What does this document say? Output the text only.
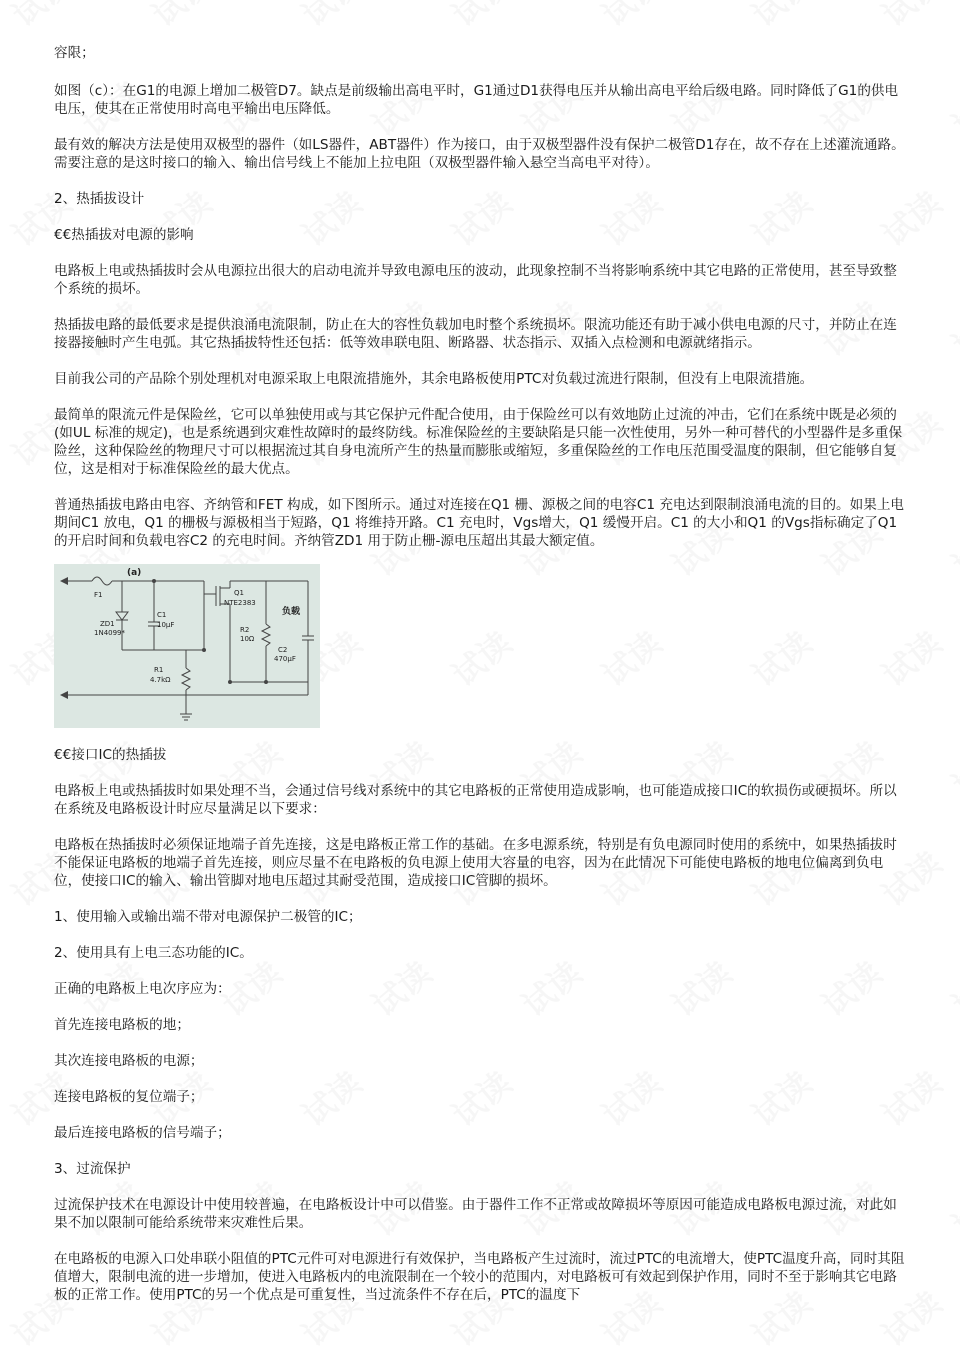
容限；

如图（c）：在G1的电源上增加二极管D7。缺点是前级输出高电平时，G1通过D1获得电压并从输出高电平给后级电路。同时降低了G1的供电电压，使其在正常使用时高电平输出电压降低。

最有效的解决方法是使用双极型的器件（如LS器件，ABT器件）作为接口，由于双极型器件没有保护二极管D1存在，故不存在上述灌流通路。需要注意的是这时接口的输入、输出信号线上不能加上拉电阻（双极型器件输入悬空当高电平对待）。

2、热插拔设计

€€热插拔对电源的影响

电路板上电或热插拔时会从电源拉出很大的启动电流并导致电源电压的波动，此现象控制不当将影响系统中其它电路的正常使用，甚至导致整个系统的损坏。

热插拔电路的最低要求是提供浪涌电流限制，防止在大的容性负载加电时整个系统损坏。限流功能还有助于减小供电电源的尺寸，并防止在连接器接触时产生电弧。其它热插拔特性还包括：低等效串联电阻、断路器、状态指示、双插入点检测和电源就绪指示。

目前我公司的产品除个别处理机对电源采取上电限流措施外，其余电路板使用PTC对负载过流进行限制，但没有上电限流措施。

最简单的限流元件是保险丝，它可以单独使用或与其它保护元件配合使用，由于保险丝可以有效地防止过流的冲击，它们在系统中既是必须的(如UL 标准的规定)，也是系统遇到灾难性故障时的最终防线。标准保险丝的主要缺陷是只能一次性使用，另外一种可替代的小型器件是多重保险丝，这种保险丝的物理尺寸可以根据流过其自身电流所产生的热量而膨胀或缩短，多重保险丝的工作电压范围受温度的限制，但它能够自复位，这是相对于标准保险丝的最大优点。

普通热插拔电路由电容、齐纳管和FET 构成，如下图所示。通过对连接在Q1 栅、源极之间的电容C1 充电达到限制浪涌电流的目的。如果上电期间C1 放电，Q1 的栅极与源极相当于短路，Q1 将维持开路。C1 充电时，Vgs增大，Q1 缓慢开启。C1 的大小和Q1 的Vgs指标确定了Q1 的开启时间和负载电容C2 的充电时间。齐纳管ZD1 用于防止栅-源电压超出其最大额定值。

(a)
F1
ZD1
1N4099*
C1
10μF
Q1
NTE2383
负载
R2
10Ω
C2
470μF
R1
4.7kΩ

€€接口IC的热插拔

电路板上电或热插拔时如果处理不当，会通过信号线对系统中的其它电路板的正常使用造成影响，也可能造成接口IC的软损伤或硬损坏。所以在系统及电路板设计时应尽量满足以下要求：

电路板在热插拔时必须保证地端子首先连接，这是电路板正常工作的基础。在多电源系统，特别是有负电源同时使用的系统中，如果热插拔时不能保证电路板的地端子首先连接，则应尽量不在电路板的负电源上使用大容量的电容，因为在此情况下可能使电路板的地电位偏离到负电位，使接口IC的输入、输出管脚对地电压超过其耐受范围，造成接口IC管脚的损坏。

1、使用输入或输出端不带对电源保护二极管的IC；

2、使用具有上电三态功能的IC。

正确的电路板上电次序应为：

首先连接电路板的地；

其次连接电路板的电源；

连接电路板的复位端子；

最后连接电路板的信号端子；

3、过流保护

过流保护技术在电源设计中使用较普遍，在电路板设计中可以借鉴。由于器件工作不正常或故障损坏等原因可能造成电路板电源过流，对此如果不加以限制可能给系统带来灾难性后果。

在电路板的电源入口处串联小阻值的PTC元件可对电源进行有效保护，当电路板产生过流时，流过PTC的电流增大，使PTC温度升高，同时其阻值增大，限制电流的进一步增加，使进入电路板内的电流限制在一个较小的范围内，对电路板可有效起到保护作用，同时不至于影响其它电路板的正常工作。使用PTC的另一个优点是可重复性，当过流条件不存在后，PTC的温度下
